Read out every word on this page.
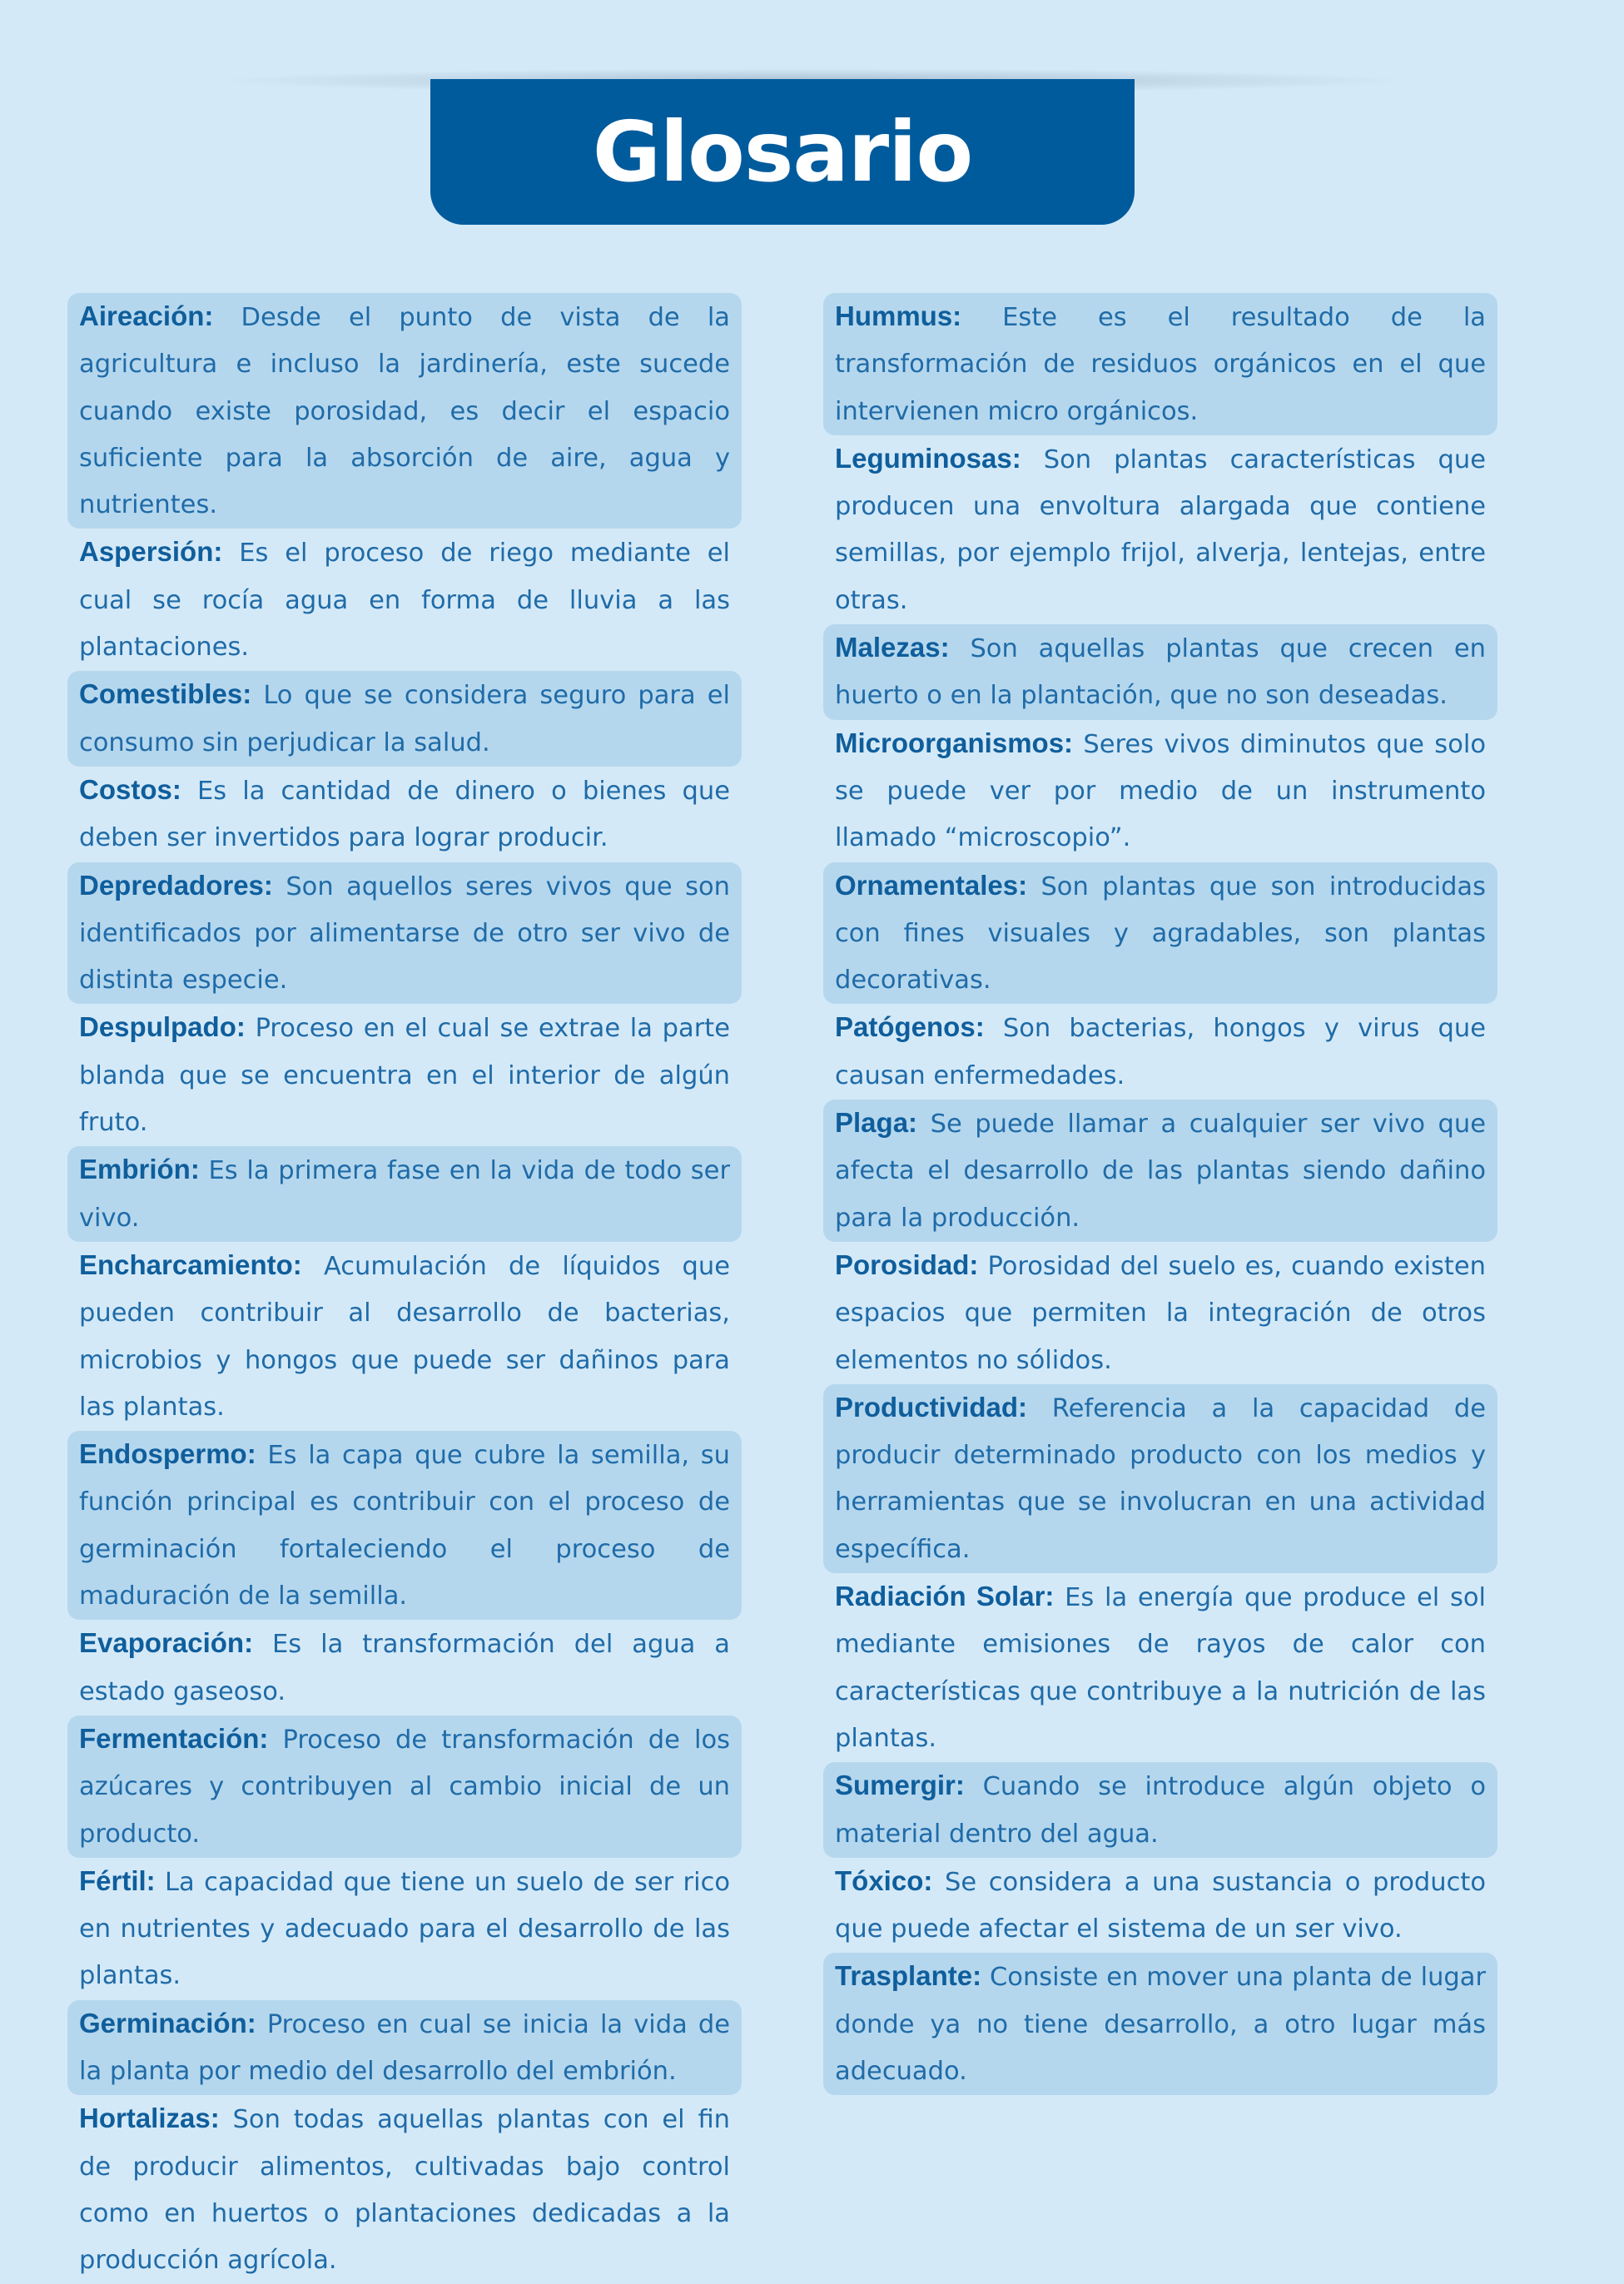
Glosario
Aireación: Desde el punto de vista de la agricultura e incluso la jardinería, este sucede cuando existe porosidad, es decir el espacio suficiente para la absorción de aire, agua y nutrientes.
Aspersión: Es el proceso de riego mediante el cual se rocía agua en forma de lluvia a las plantaciones.
Comestibles: Lo que se considera seguro para el consumo sin perjudicar la salud.
Costos: Es la cantidad de dinero o bienes que deben ser invertidos para lograr producir.
Depredadores: Son aquellos seres vivos que son identificados por alimentarse de otro ser vivo de distinta especie.
Despulpado: Proceso en el cual se extrae la parte blanda que se encuentra en el interior de algún fruto.
Embrión: Es la primera fase en la vida de todo ser vivo.
Encharcamiento: Acumulación de líquidos que pueden contribuir al desarrollo de bacterias, microbios y hongos que puede ser dañinos para las plantas.
Endospermo: Es la capa que cubre la semilla, su función principal es contribuir con el proceso de germinación fortaleciendo el proceso de maduración de la semilla.
Evaporación: Es la transformación del agua a estado gaseoso.
Fermentación: Proceso de transformación de los azúcares y contribuyen al cambio inicial de un producto.
Fértil: La capacidad que tiene un suelo de ser rico en nutrientes y adecuado para el desarrollo de las plantas.
Germinación: Proceso en cual se inicia la vida de la planta por medio del desarrollo del embrión.
Hortalizas: Son todas aquellas plantas con el fin de producir alimentos, cultivadas bajo control como en huertos o plantaciones dedicadas a la producción agrícola.
Hummus: Este es el resultado de la transformación de residuos orgánicos en el que intervienen micro orgánicos.
Leguminosas: Son plantas características que producen una envoltura alargada que contiene semillas, por ejemplo frijol, alverja, lentejas, entre otras.
Malezas: Son aquellas plantas que crecen en huerto o en la plantación, que no son deseadas.
Microorganismos: Seres vivos diminutos que solo se puede ver por medio de un instrumento llamado “microscopio”.
Ornamentales: Son plantas que son introducidas con fines visuales y agradables, son plantas decorativas.
Patógenos: Son bacterias, hongos y virus que causan enfermedades.
Plaga: Se puede llamar a cualquier ser vivo que afecta el desarrollo de las plantas siendo dañino para la producción.
Porosidad: Porosidad del suelo es, cuando existen espacios que permiten la integración de otros elementos no sólidos.
Productividad: Referencia a la capacidad de producir determinado producto con los medios y herramientas que se involucran en una actividad específica.
Radiación Solar: Es la energía que produce el sol mediante emisiones de rayos de calor con características que contribuye a la nutrición de las plantas.
Sumergir: Cuando se introduce algún objeto o material dentro del agua.
Tóxico: Se considera a una sustancia o producto que puede afectar el sistema de un ser vivo.
Trasplante: Consiste en mover una planta de lugar donde ya no tiene desarrollo, a otro lugar más adecuado.
